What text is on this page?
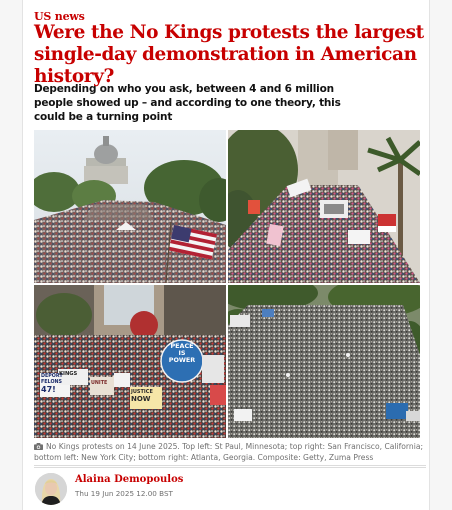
US news
Were the No Kings protests the largest single-day demonstration in American history?

Depending on who you ask, between 4 and 6 million people showed up – and according to one theory, this could be a turning point

PEACE
IS
POWER
DEPORT
FELONS
47!	JUSTICE
NOW
KINGS
UNITE

No Kings protests on 14 June 2025. Top left: St Paul, Minnesota; top right: San Francisco, California; bottom left: New York City; bottom right: Atlanta, Georgia. Composite: Getty, Zuma Press

Alaina Demopoulos
Thu 19 Jun 2025 12.00 BST
